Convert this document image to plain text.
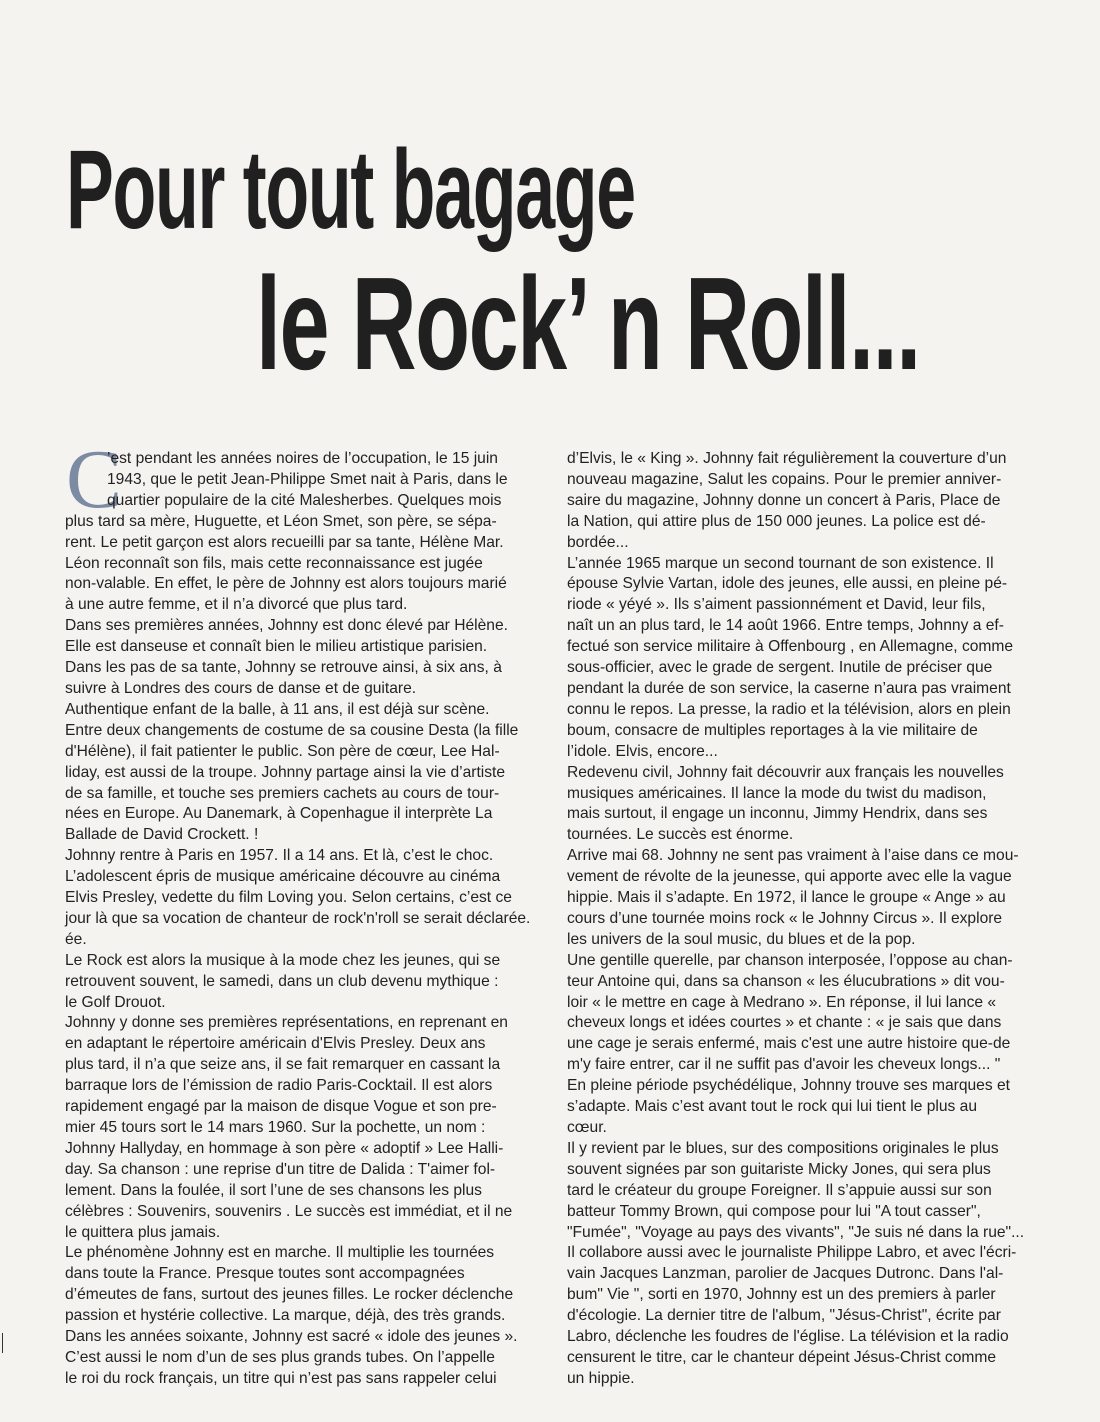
Pour tout bagage
le Rock’ n Roll...
C

’est pendant les années noires de l’occupation, le 15 juin

1943, que le petit Jean-Philippe Smet nait à Paris, dans le

quartier populaire de la cité Malesherbes. Quelques mois

plus tard sa mère, Huguette, et Léon Smet, son père, se sépa-

rent. Le petit garçon est alors recueilli par sa tante, Hélène Mar.

Léon reconnaît son fils, mais cette reconnaissance est jugée

non-valable. En effet, le père de Johnny est alors toujours marié

à une autre femme, et il n’a divorcé que plus tard.

Dans ses premières années, Johnny est donc élevé par Hélène.

Elle est danseuse et connaît bien le milieu artistique parisien.

Dans les pas de sa tante, Johnny se retrouve ainsi, à six ans, à

suivre à Londres des cours de danse et de guitare.

Authentique enfant de la balle, à 11 ans, il est déjà sur scène.

Entre deux changements de costume de sa cousine Desta (la fille

d'Hélène), il fait patienter le public. Son père de cœur, Lee Hal-

liday, est aussi de la troupe. Johnny partage ainsi la vie d’artiste

de sa famille, et touche ses premiers cachets au cours de tour-

nées en Europe. Au Danemark, à Copenhague il interprète La

Ballade de David Crockett. !

Johnny rentre à Paris en 1957. Il a 14 ans. Et là, c’est le choc.

L’adolescent épris de musique américaine découvre au cinéma

Elvis Presley, vedette du film Loving you. Selon certains, c’est ce

jour là que sa vocation de chanteur de rock'n'roll se serait déclarée.

ée.

Le Rock est alors la musique à la mode chez les jeunes, qui se

retrouvent souvent, le samedi, dans un club devenu mythique :

le Golf Drouot.

Johnny y donne ses premières représentations, en reprenant en

en adaptant le répertoire américain d'Elvis Presley. Deux ans

plus tard, il n’a que seize ans, il se fait remarquer en cassant la

barraque lors de l’émission de radio Paris-Cocktail. Il est alors

rapidement engagé par la maison de disque Vogue et son pre-

mier 45 tours sort le 14 mars 1960. Sur la pochette, un nom :

Johnny Hallyday, en hommage à son père « adoptif » Lee Halli-

day. Sa chanson : une reprise d'un titre de Dalida : T'aimer fol-

lement. Dans la foulée, il sort l’une de ses chansons les plus

célèbres : Souvenirs, souvenirs . Le succès est immédiat, et il ne

le quittera plus jamais.

Le phénomène Johnny est en marche. Il multiplie les tournées

dans toute la France. Presque toutes sont accompagnées

d’émeutes de fans, surtout des jeunes filles. Le rocker déclenche

passion et hystérie collective. La marque, déjà, des très grands.

Dans les années soixante, Johnny est sacré « idole des jeunes ».

C’est aussi le nom d’un de ses plus grands tubes. On l’appelle

le roi du rock français, un titre qui n’est pas sans rappeler celui

d’Elvis, le « King ». Johnny fait régulièrement la couverture d’un

nouveau magazine, Salut les copains. Pour le premier anniver-

saire du magazine, Johnny donne un concert à Paris, Place de

la Nation, qui attire plus de 150 000 jeunes. La police est dé-

bordée...

L’année 1965 marque un second tournant de son existence. Il

épouse Sylvie Vartan, idole des jeunes, elle aussi, en pleine pé-

riode « yéyé ». Ils s’aiment passionnément et David, leur fils,

naît un an plus tard, le 14 août 1966. Entre temps, Johnny a ef-

fectué son service militaire à Offenbourg , en Allemagne, comme

sous-officier, avec le grade de sergent. Inutile de préciser que

pendant la durée de son service, la caserne n’aura pas vraiment

connu le repos. La presse, la radio et la télévision, alors en plein

boum, consacre de multiples reportages à la vie militaire de

l’idole. Elvis, encore...

Redevenu civil, Johnny fait découvrir aux français les nouvelles

musiques américaines. Il lance la mode du twist du madison,

mais surtout, il engage un inconnu, Jimmy Hendrix, dans ses

tournées. Le succès est énorme.

Arrive mai 68. Johnny ne sent pas vraiment à l’aise dans ce mou-

vement de révolte de la jeunesse, qui apporte avec elle la vague

hippie. Mais il s’adapte. En 1972, il lance le groupe « Ange » au

cours d’une tournée moins rock « le Johnny Circus ». Il explore

les univers de la soul music, du blues et de la pop.

Une gentille querelle, par chanson interposée, l’oppose au chan-

teur Antoine qui, dans sa chanson « les élucubrations » dit vou-

loir « le mettre en cage à Medrano ». En réponse, il lui lance «

cheveux longs et idées courtes » et chante : « je sais que dans

une cage je serais enfermé, mais c'est une autre histoire que-de

m'y faire entrer, car il ne suffit pas d'avoir les cheveux longs... "

En pleine période psychédélique, Johnny trouve ses marques et

s’adapte. Mais c’est avant tout le rock qui lui tient le plus au

cœur.

Il y revient par le blues, sur des compositions originales le plus

souvent signées par son guitariste Micky Jones, qui sera plus

tard le créateur du groupe Foreigner. Il s’appuie aussi sur son

batteur Tommy Brown, qui compose pour lui "A tout casser",

"Fumée", "Voyage au pays des vivants", "Je suis né dans la rue"...

Il collabore aussi avec le journaliste Philippe Labro, et avec l'écri-

vain Jacques Lanzman, parolier de Jacques Dutronc. Dans l'al-

bum" Vie ", sorti en 1970, Johnny est un des premiers à parler

d'écologie. La dernier titre de l'album, "Jésus-Christ", écrite par

Labro, déclenche les foudres de l'église. La télévision et la radio

censurent le titre, car le chanteur dépeint Jésus-Christ comme

un hippie.
